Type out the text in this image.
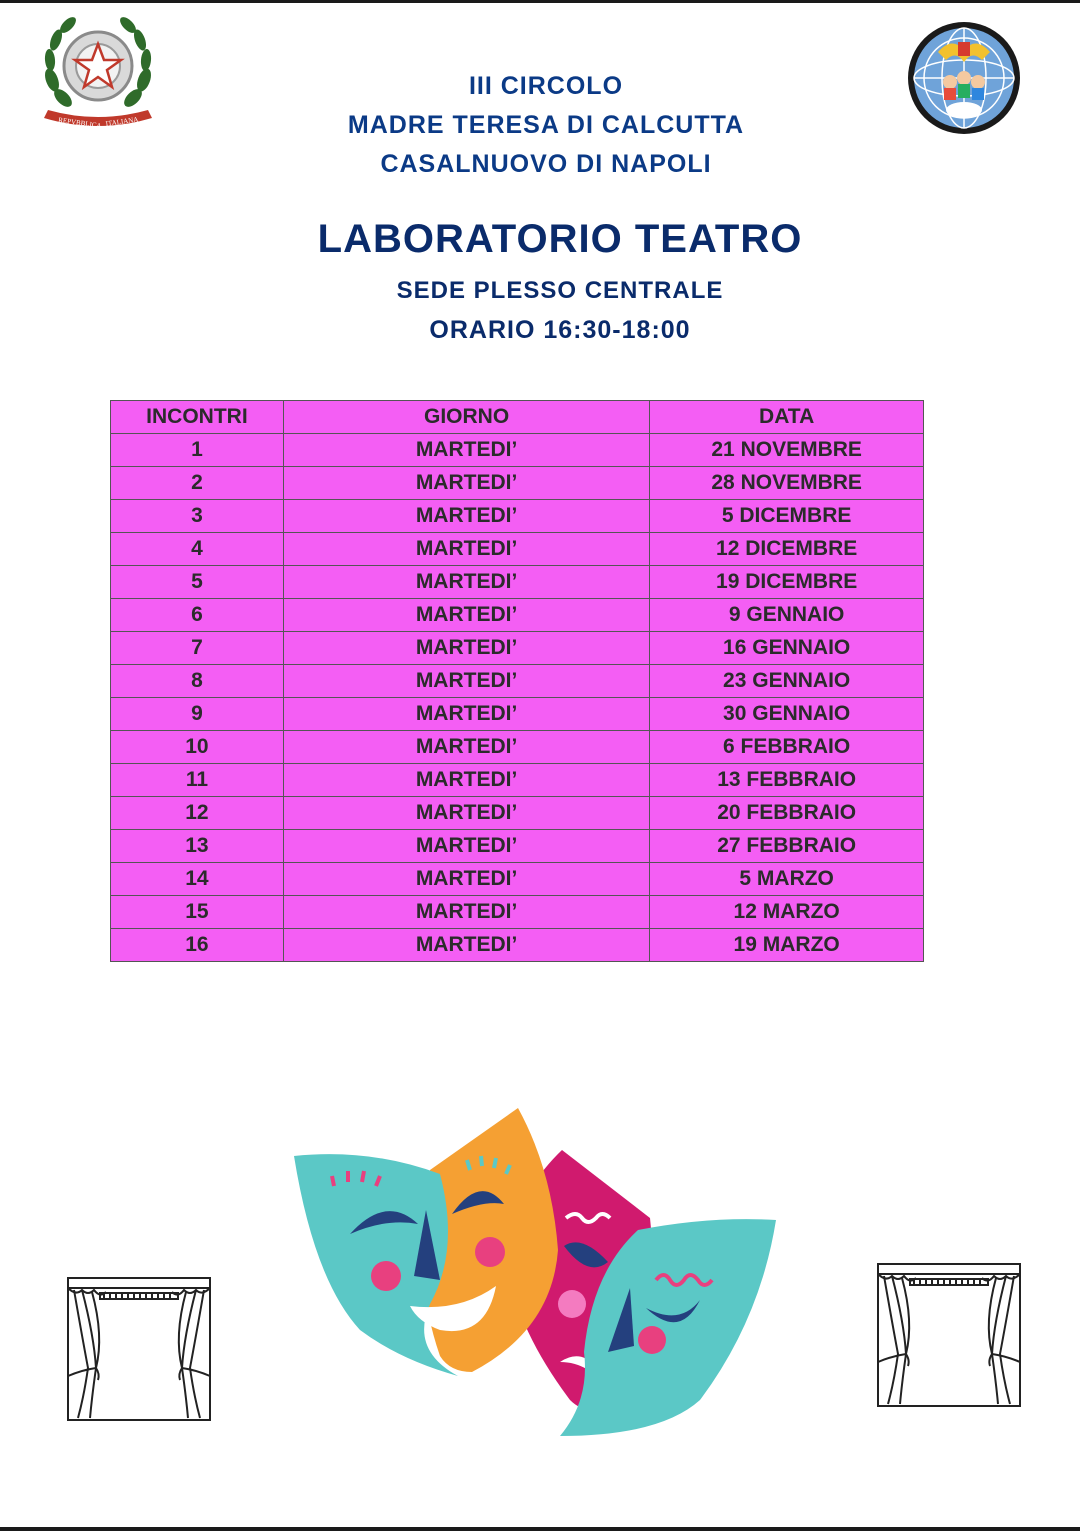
REPVBBLICA ITALIANA
III CIRCOLO
MADRE TERESA DI CALCUTTA
CASALNUOVO DI NAPOLI
LABORATORIO TEATRO
SEDE PLESSO CENTRALE
ORARIO 16:30-18:00
INCONTRI	GIORNO	DATA
1	MARTEDI’	21 NOVEMBRE
2	MARTEDI’	28 NOVEMBRE
3	MARTEDI’	5 DICEMBRE
4	MARTEDI’	12 DICEMBRE
5	MARTEDI’	19 DICEMBRE
6	MARTEDI’	9 GENNAIO
7	MARTEDI’	16 GENNAIO
8	MARTEDI’	23 GENNAIO
9	MARTEDI’	30 GENNAIO
10	MARTEDI’	6 FEBBRAIO
11	MARTEDI’	13 FEBBRAIO
12	MARTEDI’	20 FEBBRAIO
13	MARTEDI’	27 FEBBRAIO
14	MARTEDI’	5 MARZO
15	MARTEDI’	12 MARZO
16	MARTEDI’	19 MARZO
